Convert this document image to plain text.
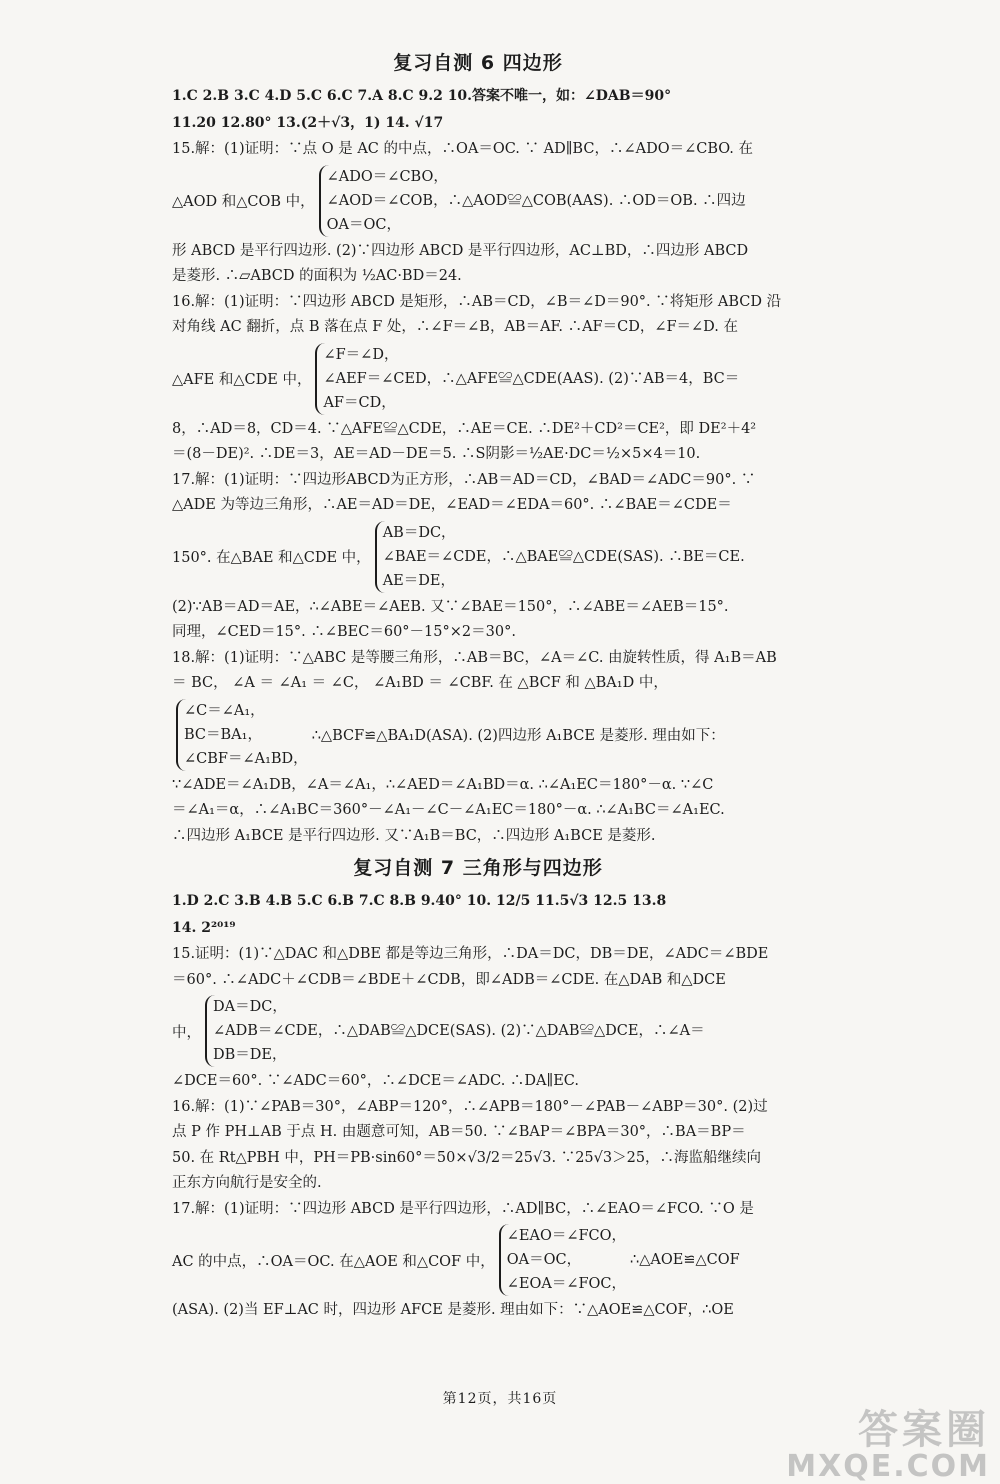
复习自测 6 四边形

1.C 2.B 3.C 4.D 5.C 6.C 7.A 8.C 9.2 10.答案不唯一，如：∠DAB＝90°

11.20 12.80° 13.(2＋√3，1) 14. √17

15.解：(1)证明：∵点 O 是 AC 的中点，∴OA＝OC. ∵ AD∥BC，∴∠ADO＝∠CBO. 在

△AOD 和△COB 中，
∠ADO＝∠CBO，
∠AOD＝∠COB，∴△AOD≌△COB(AAS). ∴OD＝OB. ∴四边
OA＝OC，

形 ABCD 是平行四边形. (2)∵四边形 ABCD 是平行四边形，AC⊥BD，∴四边形 ABCD

是菱形. ∴▱ABCD 的面积为 ½AC·BD＝24.

16.解：(1)证明：∵四边形 ABCD 是矩形，∴AB＝CD，∠B＝∠D＝90°. ∵将矩形 ABCD 沿

对角线 AC 翻折，点 B 落在点 F 处，∴∠F＝∠B，AB＝AF. ∴AF＝CD，∠F＝∠D. 在

△AFE 和△CDE 中，
∠F＝∠D，
∠AEF＝∠CED，∴△AFE≌△CDE(AAS). (2)∵AB＝4，BC＝
AF＝CD，

8，∴AD＝8，CD＝4. ∵△AFE≌△CDE，∴AE＝CE. ∴DE²＋CD²＝CE²，即 DE²＋4²

＝(8－DE)². ∴DE＝3，AE＝AD－DE＝5. ∴S阴影＝½AE·DC＝½×5×4＝10.

17.解：(1)证明：∵四边形ABCD为正方形，∴AB＝AD＝CD，∠BAD＝∠ADC＝90°. ∵

△ADE 为等边三角形，∴AE＝AD＝DE，∠EAD＝∠EDA＝60°. ∴∠BAE＝∠CDE＝

150°. 在△BAE 和△CDE 中，
AB＝DC，
∠BAE＝∠CDE，∴△BAE≌△CDE(SAS). ∴BE＝CE.
AE＝DE，

(2)∵AB＝AD＝AE，∴∠ABE＝∠AEB. 又∵∠BAE＝150°，∴∠ABE＝∠AEB＝15°.

同理，∠CED＝15°. ∴∠BEC＝60°－15°×2＝30°.

18.解：(1)证明：∵△ABC 是等腰三角形，∴AB＝BC，∠A＝∠C. 由旋转性质，得 A₁B＝AB

＝ BC， ∠A ＝ ∠A₁ ＝ ∠C， ∠A₁BD ＝ ∠CBF. 在 △BCF 和 △BA₁D 中，

∠C＝∠A₁，
BC＝BA₁，
∠CBF＝∠A₁BD，
∴△BCF≌△BA₁D(ASA). (2)四边形 A₁BCE 是菱形. 理由如下：

∵∠ADE＝∠A₁DB，∠A＝∠A₁，∴∠AED＝∠A₁BD＝α. ∴∠A₁EC＝180°－α. ∵∠C

＝∠A₁＝α，∴∠A₁BC＝360°－∠A₁－∠C－∠A₁EC＝180°－α. ∴∠A₁BC＝∠A₁EC.

∴四边形 A₁BCE 是平行四边形. 又∵A₁B＝BC，∴四边形 A₁BCE 是菱形.

复习自测 7 三角形与四边形

1.D 2.C 3.B 4.B 5.C 6.B 7.C 8.B 9.40° 10. 12/5 11.5√3 12.5 13.8

14. 2²⁰¹⁹

15.证明：(1)∵△DAC 和△DBE 都是等边三角形，∴DA＝DC，DB＝DE，∠ADC＝∠BDE

＝60°. ∴∠ADC＋∠CDB＝∠BDE＋∠CDB，即∠ADB＝∠CDE. 在△DAB 和△DCE

中，
DA＝DC，
∠ADB＝∠CDE，∴△DAB≌△DCE(SAS). (2)∵△DAB≌△DCE，∴∠A＝
DB＝DE，

∠DCE＝60°. ∵∠ADC＝60°，∴∠DCE＝∠ADC. ∴DA∥EC.

16.解：(1)∵∠PAB＝30°，∠ABP＝120°，∴∠APB＝180°－∠PAB－∠ABP＝30°. (2)过

点 P 作 PH⊥AB 于点 H. 由题意可知，AB＝50. ∵∠BAP＝∠BPA＝30°，∴BA＝BP＝

50. 在 Rt△PBH 中，PH＝PB·sin60°＝50×√3/2＝25√3. ∵25√3＞25，∴海监船继续向

正东方向航行是安全的.

17.解：(1)证明：∵四边形 ABCD 是平行四边形，∴AD∥BC，∴∠EAO＝∠FCO. ∵O 是

AC 的中点，∴OA＝OC. 在△AOE 和△COF 中，
∠EAO＝∠FCO，
OA＝OC，
∠EOA＝∠FOC，
∴△AOE≌△COF

(ASA). (2)当 EF⊥AC 时，四边形 AFCE 是菱形. 理由如下：∵△AOE≌△COF，∴OE

第12页，共16页
答案圈
MXQE.COM
